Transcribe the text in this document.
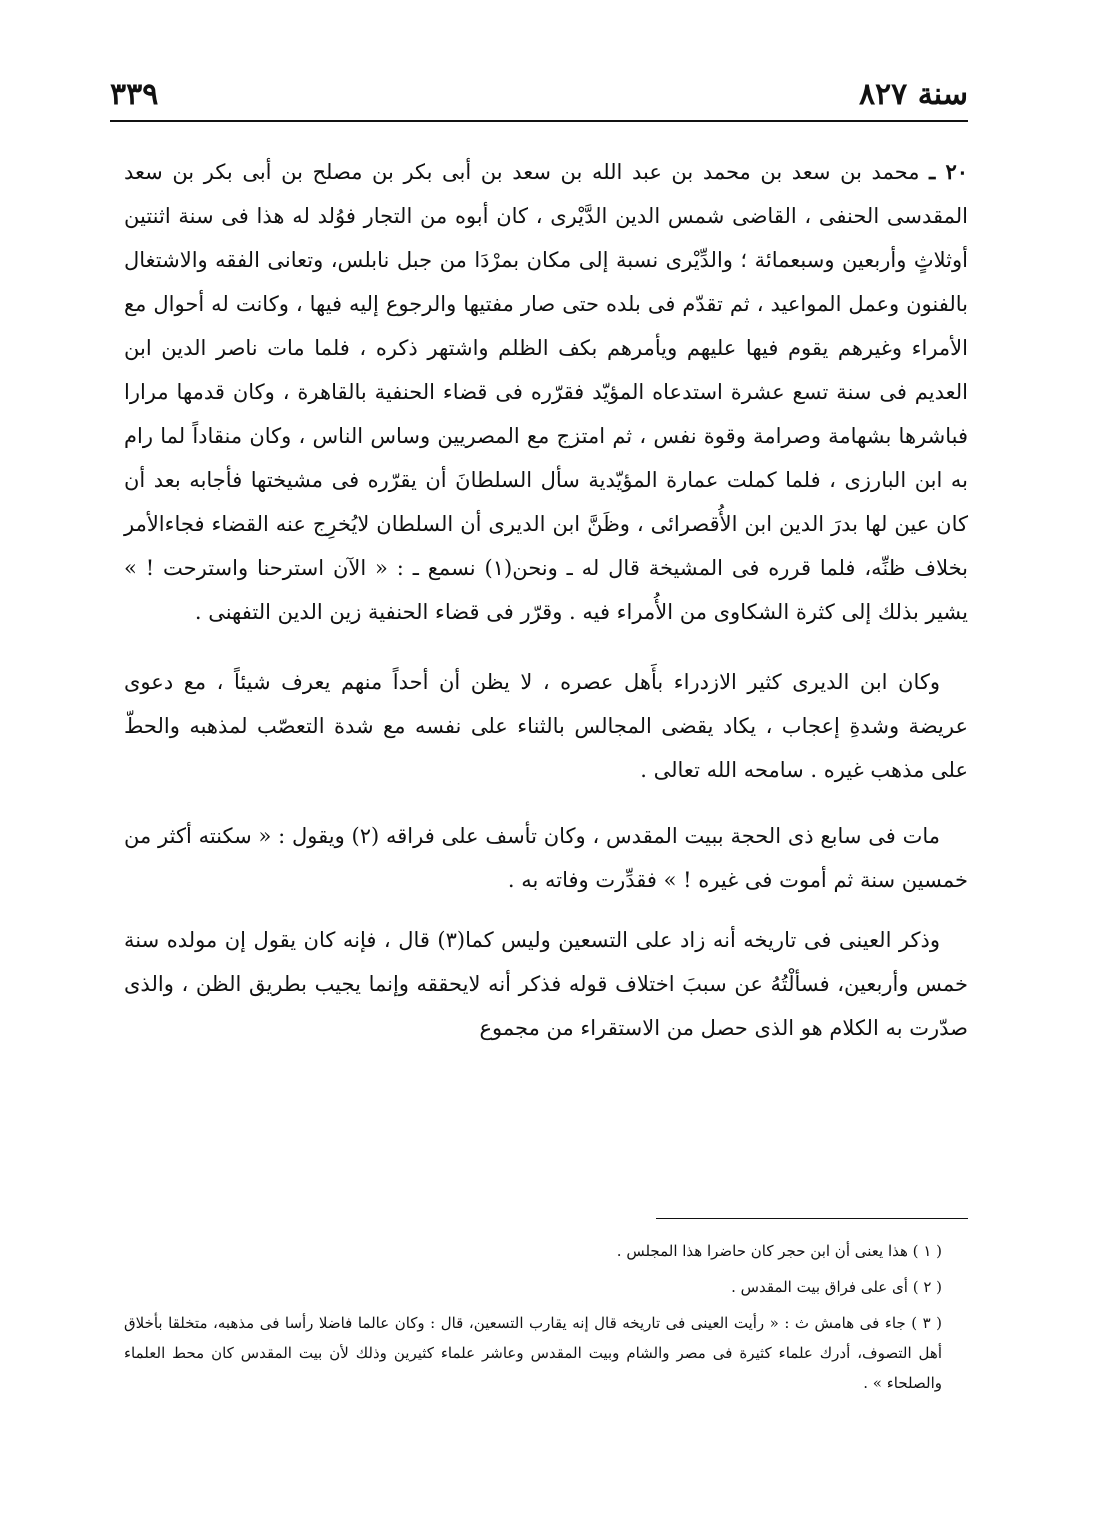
سنة ٨٢٧
٣٣٩

٢٠ ـ محمد بن سعد بن محمد بن عبد الله بن سعد بن أبى بكر بن مصلح بن أبى بكر بن سعد المقدسى الحنفى ، القاضى شمس الدين الدَّيْرى ، كان أبوه من التجار فوُلد له هذا فى سنة اثنتين أوثلاثٍ وأربعين وسبعمائة ؛ والدِّيْرى نسبة إلى مكان بمرْدَا من جبل نابلس، وتعانى الفقه والاشتغال بالفنون وعمل المواعيد ، ثم تقدّم فى بلده حتى صار مفتيها والرجوع إليه فيها ، وكانت له أحوال مع الأمراء وغيرهم يقوم فيها عليهم ويأمرهم بكف الظلم واشتهر ذكره ، فلما مات ناصر الدين ابن العديم فى سنة تسع عشرة استدعاه المؤيّد فقرّره فى قضاء الحنفية بالقاهرة ، وكان قدمها مرارا فباشرها بشهامة وصرامة وقوة نفس ، ثم امتزج مع المصريين وساس الناس ، وكان منقاداً لما رام به ابن البارزى ، فلما كملت عمارة المؤيّدية سأل السلطانَ أن يقرّره فى مشيختها فأجابه بعد أن كان عين لها بدرَ الدين ابن الأُقصرائى ، وظَنَّ ابن الديرى أن السلطان لايُخرِج عنه القضاء فجاءالأمر بخلاف ظنِّه، فلما قرره فى المشيخة قال له ـ ونحن(١) نسمع ـ : « الآن استرحنا واسترحت ! » يشير بذلك إلى كثرة الشكاوى من الأُمراء فيه . وقرّر فى قضاء الحنفية زين الدين التفهنى .

وكان ابن الديرى كثير الازدراء بأَهل عصره ، لا يظن أن أحداً منهم يعرف شيئاً ، مع دعوى عريضة وشدةِ إعجاب ، يكاد يقضى المجالس بالثناء على نفسه مع شدة التعصّب لمذهبه والحطّ على مذهب غيره . سامحه الله تعالى .

مات فى سابع ذى الحجة ببيت المقدس ، وكان تأسف على فراقه (٢) ويقول : « سكنته أكثر من خمسين سنة ثم أموت فى غيره ! » فقدِّرت وفاته به .

وذكر العينى فى تاريخه أنه زاد على التسعين وليس كما(٣) قال ، فإنه كان يقول إن مولده سنة خمس وأربعين، فسألْتُهُ عن سببَ اختلاف قوله فذكر أنه لايحققه وإنما يجيب بطريق الظن ، والذى صدّرت به الكلام هو الذى حصل من الاستقراء من مجموع

( ١ ) هذا يعنى أن ابن حجر كان حاضرا هذا المجلس .

( ٢ ) أى على فراق بيت المقدس .

( ٣ ) جاء فى هامش ث : « رأيت العينى فى تاريخه قال إنه يقارب التسعين، قال : وكان عالما فاضلا رأسا فى مذهبه، متخلقا بأخلاق أهل التصوف، أدرك علماء كثيرة فى مصر والشام وبيت المقدس وعاشر علماء كثيرين وذلك لأن بيت المقدس كان محط العلماء والصلحاء » .
